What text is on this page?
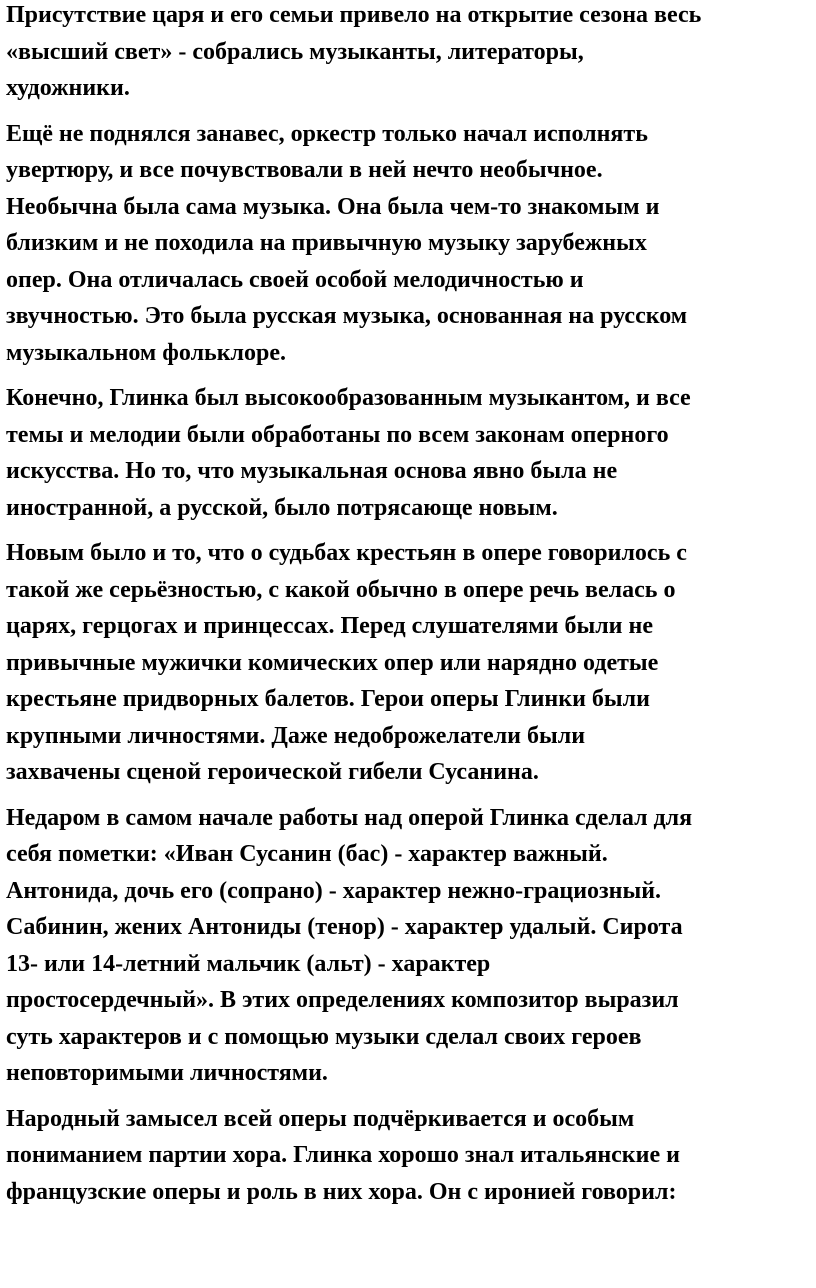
Присутствие царя и его семьи привело на открытие сезона весь
«высший свет» - собрались музыканты, литераторы,
художники.
Ещё не поднялся занавес, оркестр только начал исполнять
увертюру, и все почувствовали в ней нечто необычное.
Необычна была сама музыка. Она была чем-то знакомым и
близким и не походила на привычную музыку зарубежных
опер. Она отличалась своей особой мелодичностью и
звучностью. Это была русская музыка, основанная на русском
музыкальном фольклоре.
Конечно, Глинка был высокообразованным музыкантом, и все
темы и мелодии были обработаны по всем законам оперного
искусства. Но то, что музыкальная основа явно была не
иностранной, а русской, было потрясающе новым.
Новым было и то, что о судьбах крестьян в опере говорилось с
такой же серьёзностью, с какой обычно в опере речь велась о
царях, герцогах и принцессах. Перед слушателями были не
привычные мужички комических опер или нарядно одетые
крестьяне придворных балетов. Герои оперы Глинки были
крупными личностями. Даже недоброжелатели были
захвачены сценой героической гибели Сусанина.
Недаром в самом начале работы над оперой Глинка сделал для
себя пометки: «Иван Сусанин (бас) - характер важный.
Антонида, дочь его (сопрано) - характер нежно-грациозный.
Сабинин, жених Антониды (тенор) - характер удалый. Сирота
13- или 14-летний мальчик (альт) - характер
простосердечный». В этих определениях композитор выразил
суть характеров и с помощью музыки сделал своих героев
неповторимыми личностями.
Народный замысел всей оперы подчёркивается и особым
пониманием партии хора. Глинка хорошо знал итальянские и
французские оперы и роль в них хора. Он с иронией говорил:
